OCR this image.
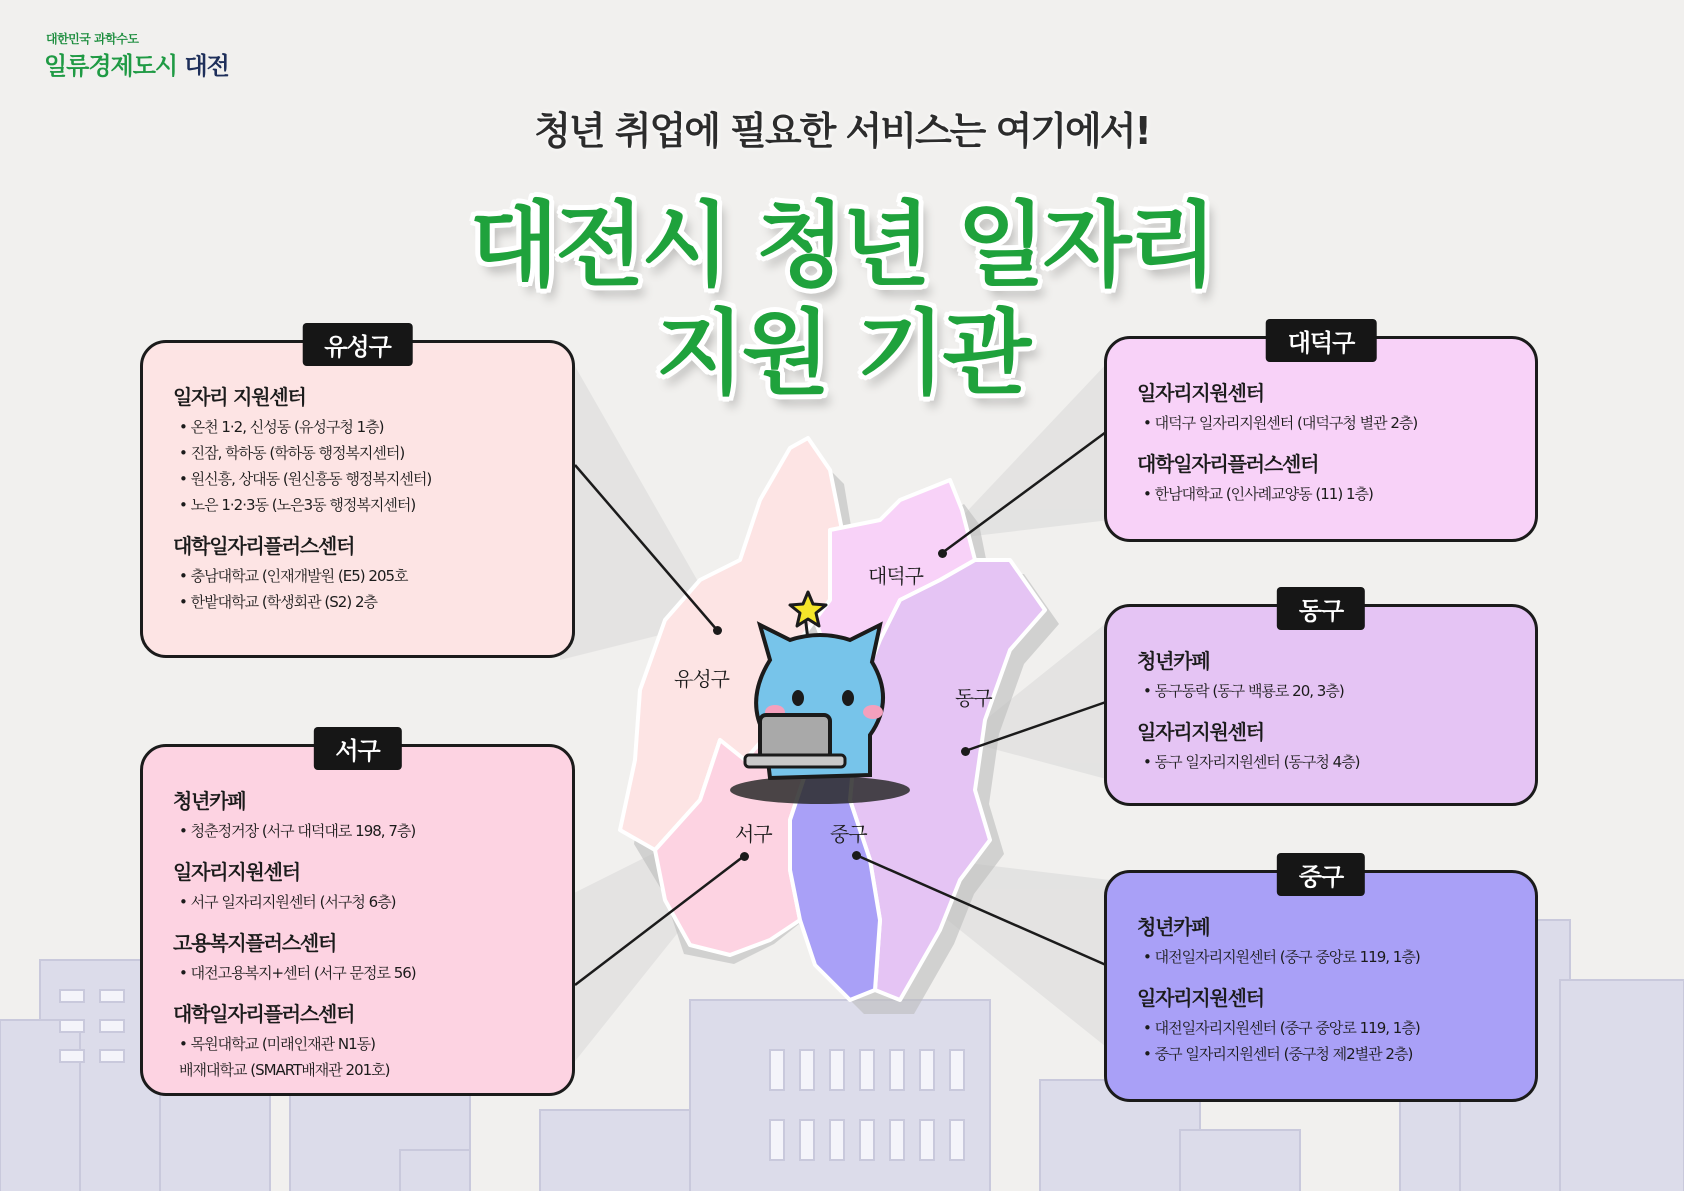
유성구
대덕구
동구
서구	중구
대한민국 과학수도
일류경제도시 대전
청년 취업에 필요한 서비스는 여기에서!
대전시 청년 일자리
지원 기관
유성구
일자리 지원센터
• 온천 1·2, 신성동 (유성구청 1층)
• 진잠, 학하동 (학하동 행정복지센터)
• 원신흥, 상대동 (원신흥동 행정복지센터)
• 노은 1·2·3동 (노은3동 행정복지센터)
대학일자리플러스센터
• 충남대학교 (인재개발원 (E5) 205호
• 한밭대학교 (학생회관 (S2) 2층
서구
청년카페
• 청춘정거장 (서구 대덕대로 198, 7층)
일자리지원센터
• 서구 일자리지원센터 (서구청 6층)
고용복지플러스센터
• 대전고용복지+센터 (서구 문정로 56)
대학일자리플러스센터
• 목원대학교 (미래인재관 N1동)
배재대학교 (SMART배재관 201호)
대덕구
일자리지원센터
• 대덕구 일자리지원센터 (대덕구청 별관 2층)
대학일자리플러스센터
• 한남대학교 (인사례교양동 (11) 1층)
동구
청년카페
• 동구동락 (동구 백룡로 20, 3층)
일자리지원센터
• 동구 일자리지원센터 (동구청 4층)
중구
청년카페
• 대전일자리지원센터 (중구 중앙로 119, 1층)
일자리지원센터
• 대전일자리지원센터 (중구 중앙로 119, 1층)
• 중구 일자리지원센터 (중구청 제2별관 2층)
